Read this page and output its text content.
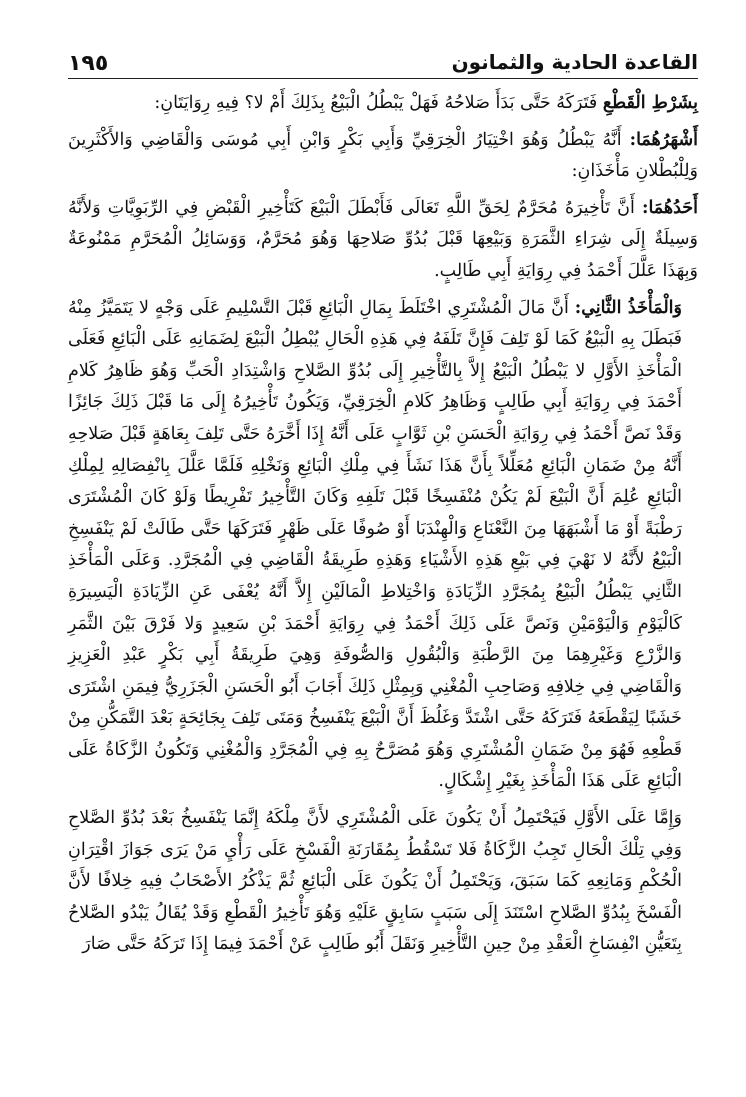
القاعدة الحادية والثمانون
١٩٥

بِشَرْطِ الْقَطْعِ فَتَرَكَهُ حَتَّى بَدَأَ صَلاحُهُ فَهَلْ يَبْطُلُ الْبَيْعُ بِذَلِكَ أَمْ لا؟ فِيهِ رِوَايَتَانِ:

أَشْهَرُهُمَا: أَنَّهُ يَبْطُلُ وَهُوَ اخْتِيَارُ الْخِرَقِيِّ وَأَبِي بَكْرٍ وَابْنِ أَبِي مُوسَى وَالْقَاضِي وَالأَكْثَرِينَ وَلِلْبُطْلانِ مَأْخَذَانِ:

أَحَدُهُمَا: أَنَّ تَأْخِيرَهُ مُحَرَّمٌ لِحَقِّ اللَّهِ تَعَالَى فَأَبْطَلَ الْبَيْعَ كَتَأْخِيرِ الْقَبْضِ فِي الرِّبَوِيَّاتِ وَلأَنَّهُ وَسِيلَةٌ إِلَى شِرَاءِ الثَّمَرَةِ وَبَيْعِهَا قَبْلَ بُدُوِّ صَلاحِهَا وَهُوَ مُحَرَّمٌ، وَوَسَائِلُ الْمُحَرَّمِ مَمْنُوعَةٌ وَبِهَذَا عَلَّلَ أَحْمَدُ فِي رِوَايَةِ أَبِي طَالِبٍ.

وَالْمَأْخَذُ الثَّانِي: أَنَّ مَالَ الْمُشْتَرِي اخْتَلَطَ بِمَالِ الْبَائِعِ قَبْلَ التَّسْلِيمِ عَلَى وَجْهٍ لا يَتَمَيَّزُ مِنْهُ فَبَطَلَ بِهِ الْبَيْعُ كَمَا لَوْ تَلِفَ فَإِنَّ تَلَفَهُ فِي هَذِهِ الْحَالِ يُبْطِلُ الْبَيْعَ لِضَمَانِهِ عَلَى الْبَائِعِ فَعَلَى الْمَأْخَذِ الأَوَّلِ لا يَبْطُلُ الْبَيْعُ إِلاَّ بِالتَّأْخِيرِ إِلَى بُدُوِّ الصَّلاحِ وَاشْتِدَادِ الْحَبِّ وَهُوَ ظَاهِرُ كَلامِ أَحْمَدَ فِي رِوَايَةِ أَبِي طَالِبٍ وَظَاهِرُ كَلامِ الْخِرَقِيِّ، وَيَكُونُ تَأْخِيرُهُ إِلَى مَا قَبْلَ ذَلِكَ جَائِزًا وَقَدْ نَصَّ أَحْمَدُ فِي رِوَايَةِ الْحَسَنِ بْنِ ثَوَّابٍ عَلَى أَنَّهُ إِذَا أَخَّرَهُ حَتَّى تَلِفَ بِعَاهَةٍ قَبْلَ صَلاحِهِ أَنَّهُ مِنْ ضَمَانِ الْبَائِعِ مُعَلِّلاً بِأَنَّ هَذَا نَشَأَ فِي مِلْكِ الْبَائِعِ وَنَخْلِهِ فَلَمَّا عَلَّلَ بِانْفِصَالِهِ لِمِلْكِ الْبَائِعِ عُلِمَ أَنَّ الْبَيْعَ لَمْ يَكُنْ مُنْفَسِخًا قَبْلَ تَلَفِهِ وَكَانَ التَّأْخِيرُ تَفْرِيطًا وَلَوْ كَانَ الْمُشْتَرَى رَطْبَةً أَوْ مَا أَشْبَهَهَا مِنَ النَّعْنَاعِ وَالْهِنْدَبَا أَوْ صُوفًا عَلَى ظَهْرٍ فَتَرَكَهَا حَتَّى طَالَتْ لَمْ يَنْفَسِخِ الْبَيْعُ لأَنَّهُ لا نَهْيَ فِي بَيْعِ هَذِهِ الأَشْيَاءِ وَهَذِهِ طَرِيقَةُ الْقَاضِي فِي الْمُجَرَّدِ. وَعَلَى الْمَأْخَذِ الثَّانِي يَبْطُلُ الْبَيْعُ بِمُجَرَّدِ الزِّيَادَةِ وَاخْتِلاطِ الْمَالَيْنِ إِلاَّ أَنَّهُ يُعْفَى عَنِ الزِّيَادَةِ الْيَسِيرَةِ كَالْيَوْمِ وَالْيَوْمَيْنِ وَنَصَّ عَلَى ذَلِكَ أَحْمَدُ فِي رِوَايَةِ أَحْمَدَ بْنِ سَعِيدٍ وَلا فَرْقَ بَيْنَ الثَّمَرِ وَالزَّرْعِ وَغَيْرِهِمَا مِنَ الرَّطْبَةِ وَالْبُقُولِ وَالصُّوفَةِ وَهِيَ طَرِيقَةُ أَبِي بَكْرٍ عَبْدِ الْعَزِيزِ وَالْقَاضِي فِي خِلافِهِ وَصَاحِبِ الْمُغْنِي وَبِمِثْلِ ذَلِكَ أَجَابَ أَبُو الْحَسَنِ الْجَزَرِيُّ فِيمَنِ اشْتَرَى خَشَبًا لِيَقْطَعَهُ فَتَرَكَهُ حَتَّى اشْتَدَّ وَغَلُظَ أَنَّ الْبَيْعَ يَنْفَسِخُ وَمَتَى تَلِفَ بِجَائِحَةٍ بَعْدَ التَّمَكُّنِ مِنْ قَطْعِهِ فَهُوَ مِنْ ضَمَانِ الْمُشْتَرِي وَهُوَ مُصَرَّحٌ بِهِ فِي الْمُجَرَّدِ وَالْمُغْنِي وَتَكُونُ الزَّكَاةُ عَلَى الْبَائِعِ عَلَى هَذَا الْمَأْخَذِ بِغَيْرِ إِشْكَالٍ.

وَإِمَّا عَلَى الأَوَّلِ فَيَحْتَمِلُ أَنْ يَكُونَ عَلَى الْمُشْتَرِي لأَنَّ مِلْكَهُ إِنَّمَا يَنْفَسِخُ بَعْدَ بُدُوِّ الصَّلاحِ وَفِي تِلْكَ الْحَالِ تَجِبُ الزَّكَاةُ فَلا تَسْقُطُ بِمُقَارَنَةِ الْفَسْخِ عَلَى رَأْيِ مَنْ يَرَى جَوَازَ اقْتِرَانِ الْحُكْمِ وَمَانِعِهِ كَمَا سَبَقَ، وَيَحْتَمِلُ أَنْ يَكُونَ عَلَى الْبَائِعِ ثُمَّ يَذْكُرُ الأَصْحَابُ فِيهِ خِلافًا لأَنَّ الْفَسْخَ بِبُدُوِّ الصَّلاحِ اسْتَنَدَ إِلَى سَبَبٍ سَابِقٍ عَلَيْهِ وَهُوَ تَأْخِيرُ الْقَطْعِ وَقَدْ يُقَالُ يَبْدُو الصَّلاحُ بِتَعَيُّنِ انْفِسَاخِ الْعَقْدِ مِنْ حِينِ التَّأْخِيرِ وَنَقَلَ أَبُو طَالِبٍ عَنْ أَحْمَدَ فِيمَا إِذَا تَرَكَهُ حَتَّى صَارَ
